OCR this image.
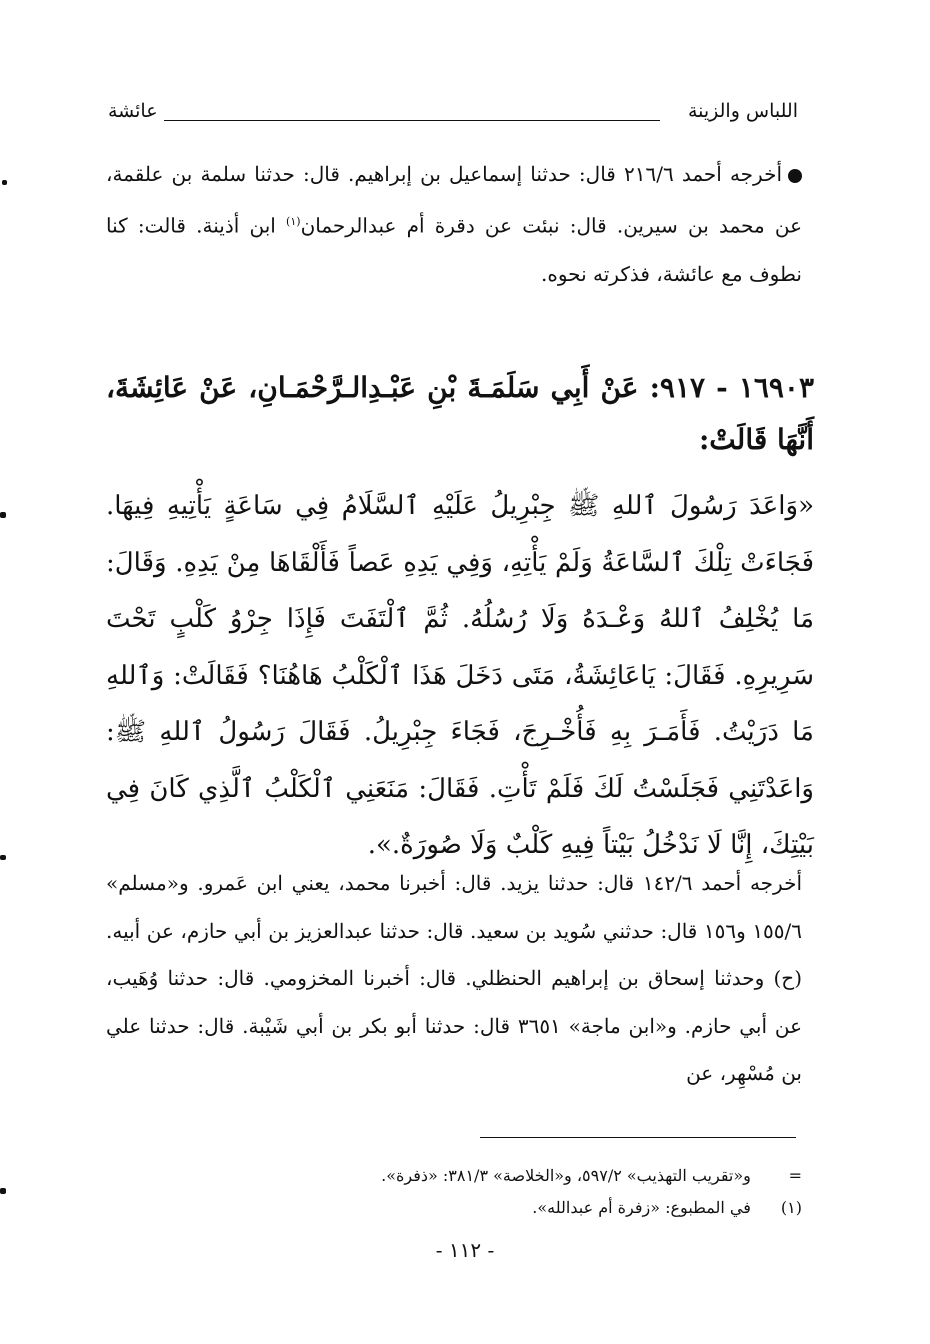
اللباس والزينة
عائشة
أخرجه أحمد ٢١٦/٦ قال: حدثنا إسماعيل بن إبراهيم. قال: حدثنا سلمة بن علقمة، عن محمد بن سيرين. قال: نبئت عن دقرة أم عبدالرحمان$^{(١)}$ ابن أذينة. قالت: كنا نطوف مع عائشة، فذكرته نحوه.
١٦٩٠٣ - ٩١٧: عَنْ أَبِي سَلَمَـةَ بْنِ عَبْـدِالـرَّحْمَـانِ، عَنْ عَائِشَةَ، أَنَّهَا قَالَتْ:
«وَاعَدَ رَسُولَ ٱللهِ ﷺ جِبْرِيلُ عَلَيْهِ ٱلسَّلَامُ فِي سَاعَةٍ يَأْتِيهِ فِيهَا. فَجَاءَتْ تِلْكَ ٱلسَّاعَةُ وَلَمْ يَأْتِهِ، وَفِي يَدِهِ عَصاً فَأَلْقَاهَا مِنْ يَدِهِ. وَقَالَ: مَا يُخْلِفُ ٱللهُ وَعْـدَهُ وَلَا رُسُلُهُ. ثُمَّ ٱلْتَفَتَ فَإِذَا جِرْوُ كَلْبٍ تَحْتَ سَرِيرِهِ. فَقَالَ: يَاعَائِشَةُ، مَتَى دَخَلَ هَذَا ٱلْكَلْبُ هَاهُنَا؟ فَقَالَتْ: وَٱللهِ مَا دَرَيْتُ. فَأَمَـرَ بِهِ فَأُخْـرِجَ، فَجَاءَ جِبْرِيلُ. فَقَالَ رَسُولُ ٱللهِ ﷺ: وَاعَدْتَنِي فَجَلَسْتُ لَكَ فَلَمْ تَأْتِ. فَقَالَ: مَنَعَنِي ٱلْكَلْبُ ٱلَّذِي كَانَ فِي بَيْتِكَ، إِنَّا لَا نَدْخُلُ بَيْتاً فِيهِ كَلْبٌ وَلَا صُورَةٌ.».
أخرجه أحمد ١٤٢/٦ قال: حدثنا يزيد. قال: أخبرنا محمد، يعني ابن عَمرو. و«مسلم» ١٥٥/٦ و١٥٦ قال: حدثني سُويد بن سعيد. قال: حدثنا عبدالعزيز بن أبي حازم، عن أبيه. (ح) وحدثنا إسحاق بن إبراهيم الحنظلي. قال: أخبرنا المخزومي. قال: حدثنا وُهَيب، عن أبي حازم. و«ابن ماجة» ٣٦٥١ قال: حدثنا أبو بكر بن أبي شَيْبة. قال: حدثنا علي بن مُسْهِر، عن
= و«تقريب التهذيب» ٥٩٧/٢، و«الخلاصة» ٣٨١/٣: «ذفرة».
(١) في المطبوع: «زفرة أم عبدالله».
- ١١٢ -
